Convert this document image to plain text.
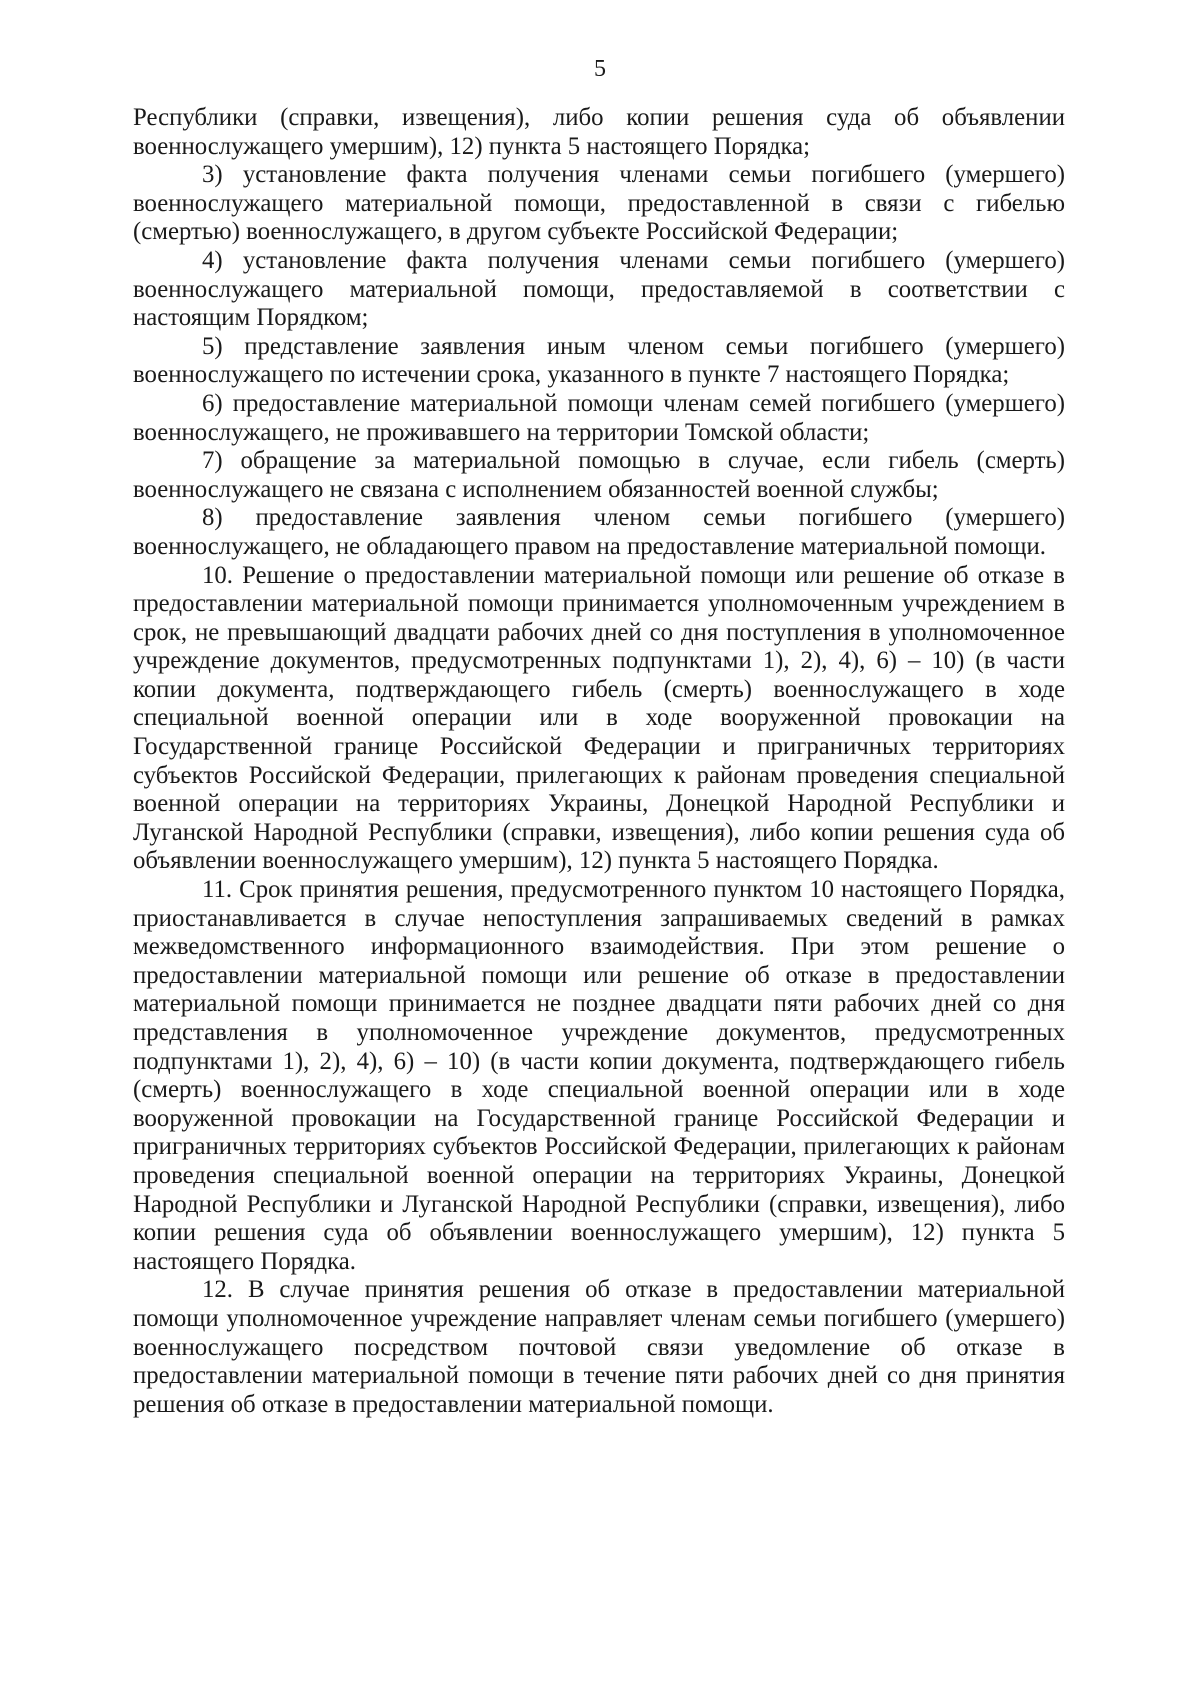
5

Республики (справки, извещения), либо копии решения суда об объявлении военнослужащего умершим), 12) пункта 5 настоящего Порядка;

3) установление факта получения членами семьи погибшего (умершего) военнослужащего материальной помощи, предоставленной в связи с гибелью (смертью) военнослужащего, в другом субъекте Российской Федерации;

4) установление факта получения членами семьи погибшего (умершего) военнослужащего материальной помощи, предоставляемой в соответствии с настоящим Порядком;

5) представление заявления иным членом семьи погибшего (умершего) военнослужащего по истечении срока, указанного в пункте 7 настоящего Порядка;

6) предоставление материальной помощи членам семей погибшего (умершего) военнослужащего, не проживавшего на территории Томской области;

7) обращение за материальной помощью в случае, если гибель (смерть) военнослужащего не связана с исполнением обязанностей военной службы;

8) предоставление заявления членом семьи погибшего (умершего) военнослужащего, не обладающего правом на предоставление материальной помощи.

10. Решение о предоставлении материальной помощи или решение об отказе в предоставлении материальной помощи принимается уполномоченным учреждением в срок, не превышающий двадцати рабочих дней со дня поступления в уполномоченное учреждение документов, предусмотренных подпунктами 1), 2), 4), 6) – 10) (в части копии документа, подтверждающего гибель (смерть) военнослужащего в ходе специальной военной операции или в ходе вооруженной провокации на Государственной границе Российской Федерации и приграничных территориях субъектов Российской Федерации, прилегающих к районам проведения специальной военной операции на территориях Украины, Донецкой Народной Республики и Луганской Народной Республики (справки, извещения), либо копии решения суда об объявлении военнослужащего умершим), 12) пункта 5 настоящего Порядка.

11. Срок принятия решения, предусмотренного пунктом 10 настоящего Порядка, приостанавливается в случае непоступления запрашиваемых сведений в рамках межведомственного информационного взаимодействия. При этом решение о предоставлении материальной помощи или решение об отказе в предоставлении материальной помощи принимается не позднее двадцати пяти рабочих дней со дня представления в уполномоченное учреждение документов, предусмотренных подпунктами 1), 2), 4), 6) – 10) (в части копии документа, подтверждающего гибель (смерть) военнослужащего в ходе специальной военной операции или в ходе вооруженной провокации на Государственной границе Российской Федерации и приграничных территориях субъектов Российской Федерации, прилегающих к районам проведения специальной военной операции на территориях Украины, Донецкой Народной Республики и Луганской Народной Республики (справки, извещения), либо копии решения суда об объявлении военнослужащего умершим), 12) пункта 5 настоящего Порядка.

12. В случае принятия решения об отказе в предоставлении материальной помощи уполномоченное учреждение направляет членам семьи погибшего (умершего) военнослужащего посредством почтовой связи уведомление об отказе в предоставлении материальной помощи в течение пяти рабочих дней со дня принятия решения об отказе в предоставлении материальной помощи.
